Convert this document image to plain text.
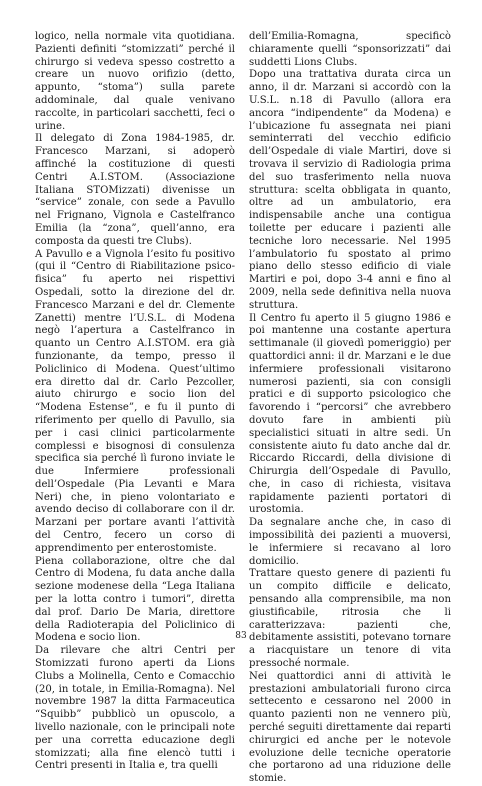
logico, nella normale vita quotidiana. Pazienti definiti “stomizzati” perché il chirurgo si vedeva spesso costretto a creare un nuovo orifizio (detto, appunto, “stoma”) sulla parete addominale, dal quale venivano raccolte, in particolari sacchetti, feci o urine.

Il delegato di Zona 1984-1985, dr. Francesco Marzani, si adoperò affinché la costituzione di questi Centri A.I.STOM. (Associazione Italiana STOMizzati) divenisse un “service” zonale, con sede a Pavullo nel Frignano, Vignola e Castelfranco Emilia (la “zona”, quell’anno, era composta da questi tre Clubs).

A Pavullo e a Vignola l’esito fu positivo (qui il “Centro di Riabilitazione psico-fisica” fu aperto nei rispettivi Ospedali, sotto la direzione del dr. Francesco Marzani e del dr. Clemente Zanetti) mentre l’U.S.L. di Modena negò l’apertura a Castelfranco in quanto un Centro A.I.STOM. era già funzionante, da tempo, presso il Policlinico di Modena. Quest’ultimo era diretto dal dr. Carlo Pezcoller, aiuto chirurgo e socio lion del “Modena Estense”, e fu il punto di riferimento per quello di Pavullo, sia per i casi clinici particolarmente complessi e bisognosi di consulenza specifica sia perché lì furono inviate le due Infermiere professionali dell’Ospedale (Pia Levanti e Mara Neri) che, in pieno volontariato e avendo deciso di collaborare con il dr. Marzani per portare avanti l’attività del Centro, fecero un corso di apprendimento per enterostomiste.

Piena collaborazione, oltre che dal Centro di Modena, fu data anche dalla sezione modenese della “Lega Italiana per la lotta contro i tumori”, diretta dal prof. Dario De Maria, direttore della Radioterapia del Policlinico di Modena e socio lion.

Da rilevare che altri Centri per Stomizzati furono aperti da Lions Clubs a Molinella, Cento e Comacchio (20, in totale, in Emilia-Romagna). Nel novembre 1987 la ditta Farmaceutica “Squibb” pubblicò un opuscolo, a livello nazionale, con le principali note per una corretta educazione degli stomizzati; alla fine elencò tutti i Centri presenti in Italia e, tra quelli

dell’Emilia-Romagna, specificò chiaramente quelli “sponsorizzati” dai suddetti Lions Clubs.

Dopo una trattativa durata circa un anno, il dr. Marzani si accordò con la U.S.L. n.18 di Pavullo (allora era ancora “indipendente” da Modena) e l’ubicazione fu assegnata nei piani seminterrati del vecchio edificio dell’Ospedale di viale Martiri, dove si trovava il servizio di Radiologia prima del suo trasferimento nella nuova struttura: scelta obbligata in quanto, oltre ad un ambulatorio, era indispensabile anche una contigua toilette per educare i pazienti alle tecniche loro necessarie. Nel 1995 l’ambulatorio fu spostato al primo piano dello stesso edificio di viale Martiri e poi, dopo 3-4 anni e fino al 2009, nella sede definitiva nella nuova struttura.

Il Centro fu aperto il 5 giugno 1986 e poi mantenne una costante apertura settimanale (il giovedì pomeriggio) per quattordici anni: il dr. Marzani e le due infermiere professionali visitarono numerosi pazienti, sia con consigli pratici e di supporto psicologico che favorendo i “percorsi” che avrebbero dovuto fare in ambienti più specialistici situati in altre sedi. Un consistente aiuto fu dato anche dal dr. Riccardo Riccardi, della divisione di Chirurgia dell’Ospedale di Pavullo, che, in caso di richiesta, visitava rapidamente pazienti portatori di urostomia.

Da segnalare anche che, in caso di impossibilità dei pazienti a muoversi, le infermiere si recavano al loro domicilio.

Trattare questo genere di pazienti fu un compito difficile e delicato, pensando alla comprensibile, ma non giustificabile, ritrosia che li caratterizzava: pazienti che, debitamente assistiti, potevano tornare a riacquistare un tenore di vita pressoché normale.

Nei quattordici anni di attività le prestazioni ambulatoriali furono circa settecento e cessarono nel 2000 in quanto pazienti non ne vennero più, perché seguiti direttamente dai reparti chirurgici ed anche per le notevole evoluzione delle tecniche operatorie che portarono ad una riduzione delle stomie.

83
